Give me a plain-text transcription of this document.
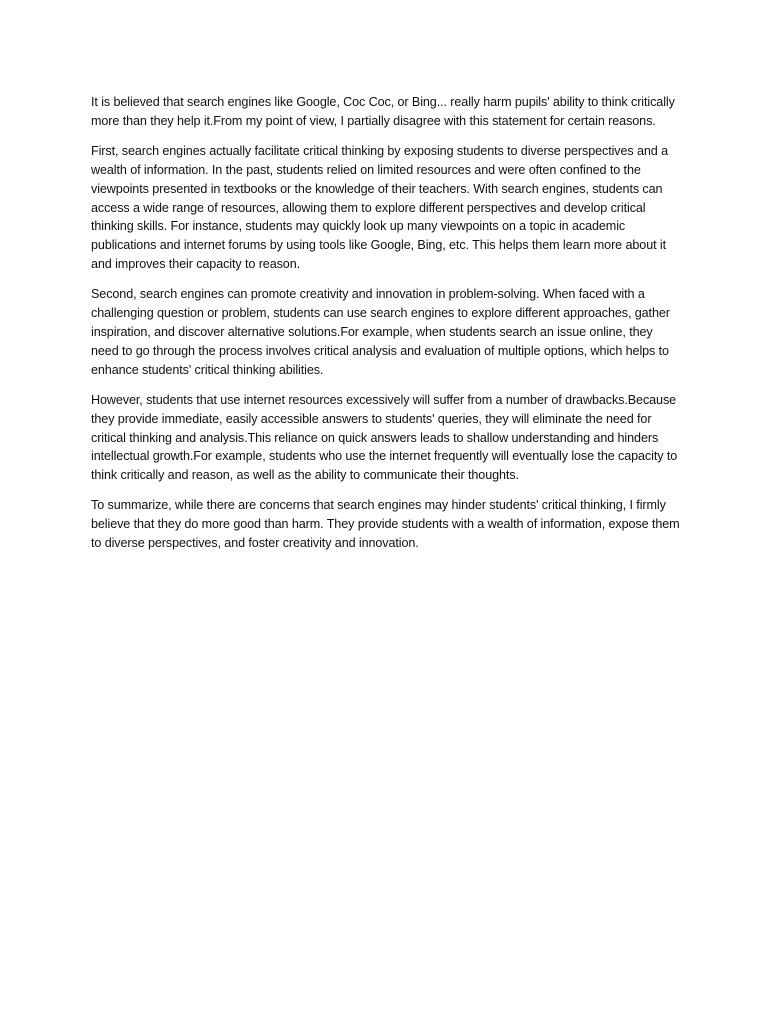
It is believed that search engines like Google, Coc Coc, or Bing... really harm pupils' ability to think critically more than they help it.From my point of view, I partially disagree with this statement for certain reasons.

First, search engines actually facilitate critical thinking by exposing students to diverse perspectives and a wealth of information. In the past, students relied on limited resources and were often confined to the viewpoints presented in textbooks or the knowledge of their teachers. With search engines, students can access a wide range of resources, allowing them to explore different perspectives and develop critical thinking skills. For instance, students may quickly look up many viewpoints on a topic in academic publications and internet forums by using tools like Google, Bing, etc. This helps them learn more about it and improves their capacity to reason.

Second, search engines can promote creativity and innovation in problem-solving. When faced with a challenging question or problem, students can use search engines to explore different approaches, gather inspiration, and discover alternative solutions.For example, when students search an issue online, they need to go through the process involves critical analysis and evaluation of multiple options, which helps to enhance students' critical thinking abilities.

However, students that use internet resources excessively will suffer from a number of drawbacks.Because they provide immediate, easily accessible answers to students' queries, they will eliminate the need for critical thinking and analysis.This reliance on quick answers leads to shallow understanding and hinders intellectual growth.For example, students who use the internet frequently will eventually lose the capacity to think critically and reason, as well as the ability to communicate their thoughts.

To summarize, while there are concerns that search engines may hinder students' critical thinking, I firmly believe that they do more good than harm. They provide students with a wealth of information, expose them to diverse perspectives, and foster creativity and innovation.
